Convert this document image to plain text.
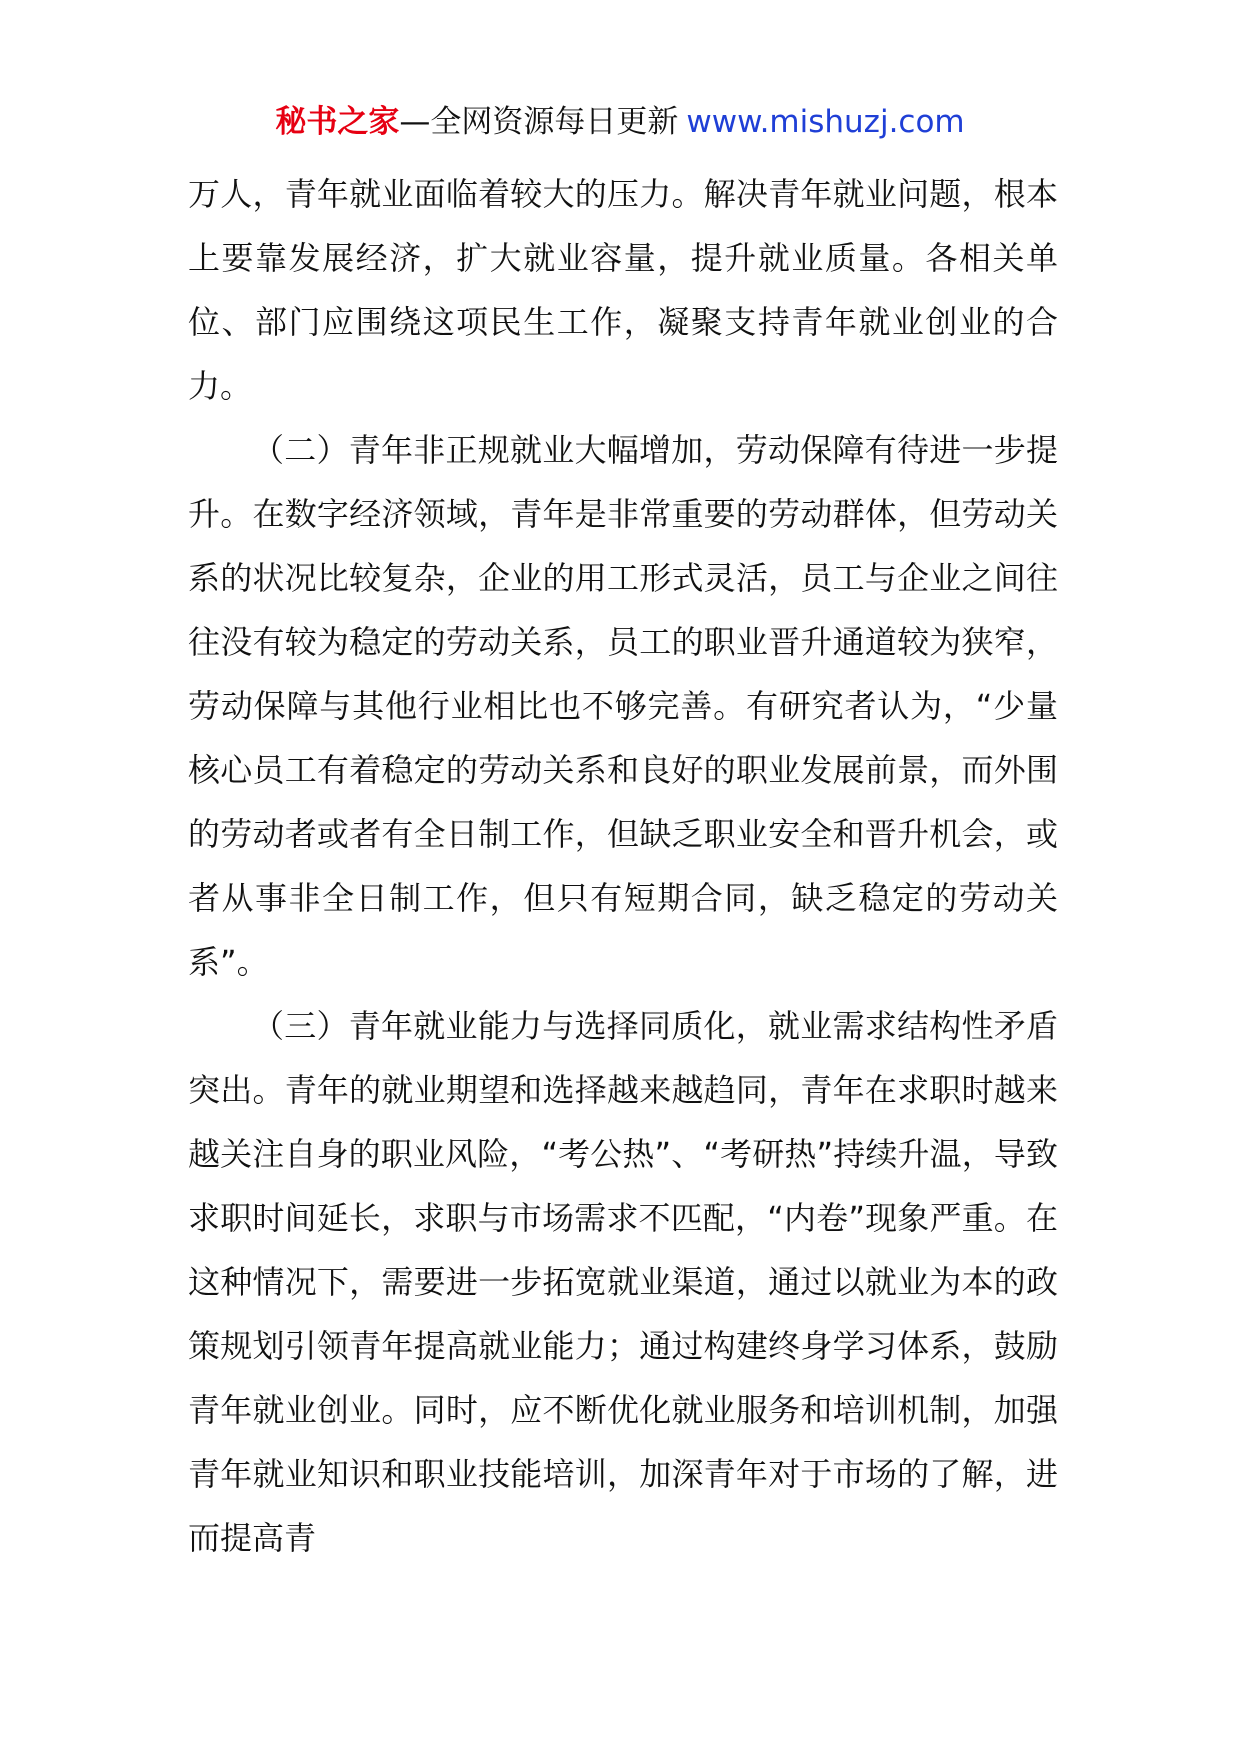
秘书之家—全网资源每日更新 www.mishuzj.com

万人，青年就业面临着较大的压力。解决青年就业问题，根本上要靠发展经济，扩大就业容量，提升就业质量。各相关单位、部门应围绕这项民生工作，凝聚支持青年就业创业的合力。

（二）青年非正规就业大幅增加，劳动保障有待进一步提升。在数字经济领域，青年是非常重要的劳动群体，但劳动关系的状况比较复杂，企业的用工形式灵活，员工与企业之间往往没有较为稳定的劳动关系，员工的职业晋升通道较为狭窄，劳动保障与其他行业相比也不够完善。有研究者认为，“少量核心员工有着稳定的劳动关系和良好的职业发展前景，而外围的劳动者或者有全日制工作，但缺乏职业安全和晋升机会，或者从事非全日制工作，但只有短期合同，缺乏稳定的劳动关系”。

（三）青年就业能力与选择同质化，就业需求结构性矛盾突出。青年的就业期望和选择越来越趋同，青年在求职时越来越关注自身的职业风险，“考公热”、“考研热”持续升温，导致求职时间延长，求职与市场需求不匹配，“内卷”现象严重。在这种情况下，需要进一步拓宽就业渠道，通过以就业为本的政策规划引领青年提高就业能力；通过构建终身学习体系，鼓励青年就业创业。同时，应不断优化就业服务和培训机制，加强青年就业知识和职业技能培训，加深青年对于市场的了解，进而提高青
